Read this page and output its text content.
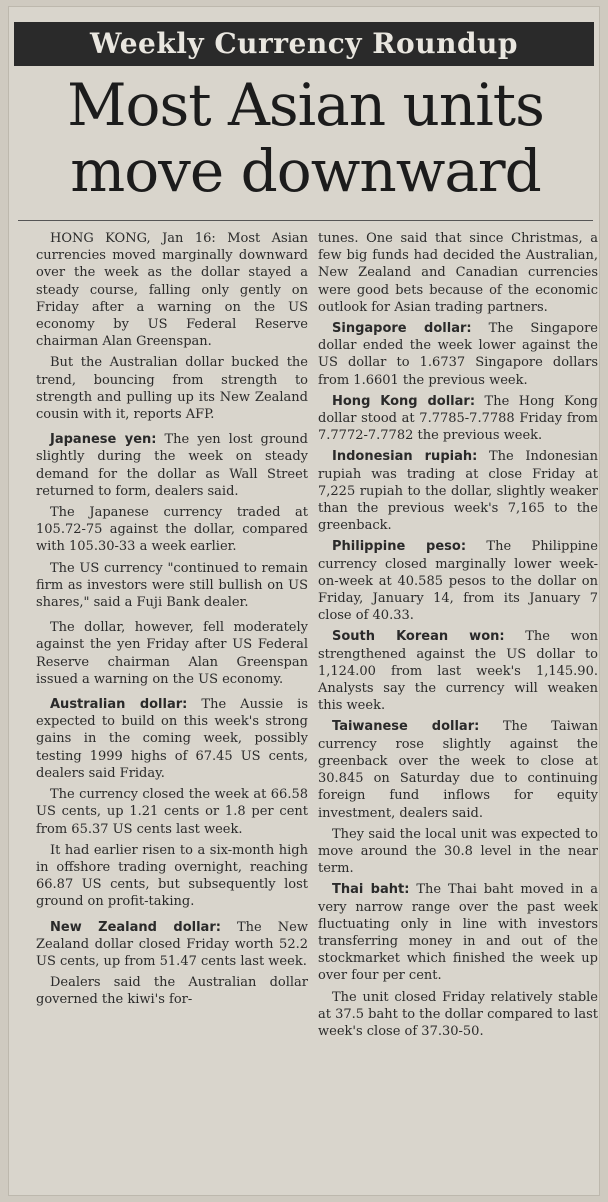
Weekly Currency Roundup
Most Asian units
move downward

HONG KONG, Jan 16: Most Asian currencies moved marginally downward over the week as the dollar stayed a steady course, falling only gently on Friday after a warning on the US economy by US Federal Reserve chairman Alan Greenspan.

But the Australian dollar bucked the trend, bouncing from strength to strength and pulling up its New Zealand cousin with it, reports AFP.

Japanese yen: The yen lost ground slightly during the week on steady demand for the dollar as Wall Street returned to form, dealers said.

The Japanese currency traded at 105.72-75 against the dollar, compared with 105.30-33 a week earlier.

The US currency "continued to remain firm as investors were still bullish on US shares," said a Fuji Bank dealer.

The dollar, however, fell moderately against the yen Friday after US Federal Reserve chairman Alan Greenspan issued a warning on the US economy.

Australian dollar: The Aussie is expected to build on this week's strong gains in the coming week, possibly testing 1999 highs of 67.45 US cents, dealers said Friday.

The currency closed the week at 66.58 US cents, up 1.21 cents or 1.8 per cent from 65.37 US cents last week.

It had earlier risen to a six-month high in offshore trading overnight, reaching 66.87 US cents, but subsequently lost ground on profit-taking.

New Zealand dollar: The New Zealand dollar closed Friday worth 52.2 US cents, up from 51.47 cents last week.

Dealers said the Australian dollar governed the kiwi's for-

tunes. One said that since Christmas, a few big funds had decided the Australian, New Zealand and Canadian currencies were good bets because of the economic outlook for Asian trading partners.

Singapore dollar: The Singapore dollar ended the week lower against the US dollar to 1.6737 Singapore dollars from 1.6601 the previous week.

Hong Kong dollar: The Hong Kong dollar stood at 7.7785-7.7788 Friday from 7.7772-7.7782 the previous week.

Indonesian rupiah: The Indonesian rupiah was trading at close Friday at 7,225 rupiah to the dollar, slightly weaker than the previous week's 7,165 to the greenback.

Philippine peso: The Philippine currency closed marginally lower week-on-week at 40.585 pesos to the dollar on Friday, January 14, from its January 7 close of 40.33.

South Korean won: The won strengthened against the US dollar to 1,124.00 from last week's 1,145.90. Analysts say the currency will weaken this week.

Taiwanese dollar: The Taiwan currency rose slightly against the greenback over the week to close at 30.845 on Saturday due to continuing foreign fund inflows for equity investment, dealers said.

They said the local unit was expected to move around the 30.8 level in the near term.

Thai baht: The Thai baht moved in a very narrow range over the past week fluctuating only in line with investors transferring money in and out of the stockmarket which finished the week up over four per cent.

The unit closed Friday relatively stable at 37.5 baht to the dollar compared to last week's close of 37.30-50.
